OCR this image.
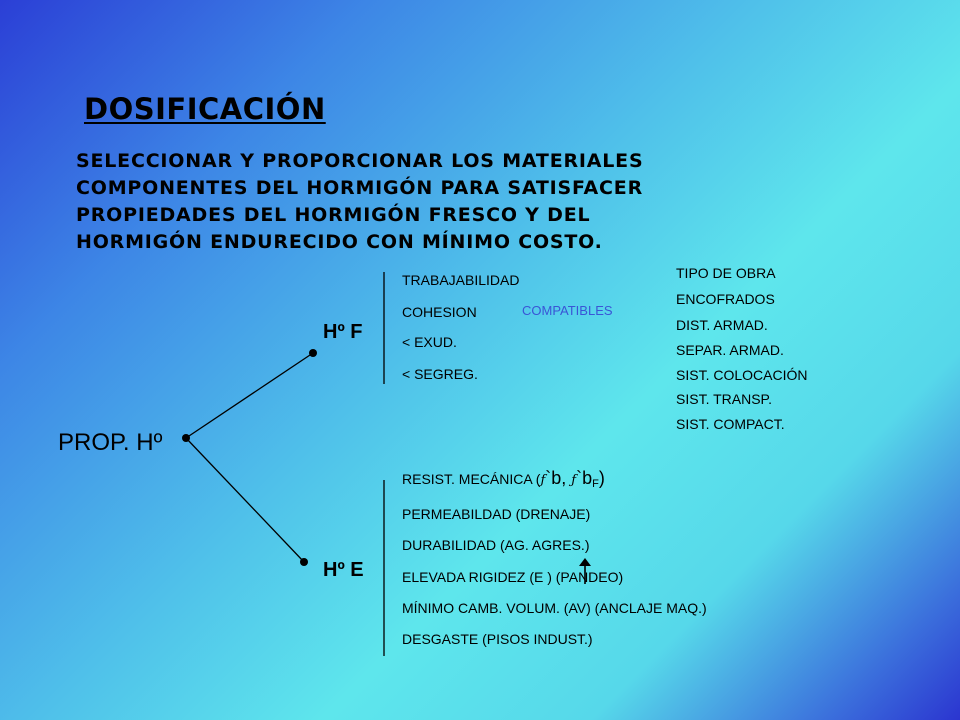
DOSIFICACIÓN
SELECCIONAR Y PROPORCIONAR LOS MATERIALES
COMPONENTES DEL HORMIGÓN PARA SATISFACER
PROPIEDADES DEL HORMIGÓN FRESCO Y DEL
HORMIGÓN ENDURECIDO CON MÍNIMO COSTO.
PROP. Hº
Hº F
Hº E
TRABAJABILIDAD
COHESION
< EXUD.
< SEGREG.
COMPATIBLES
TIPO DE OBRA
ENCOFRADOS
DIST. ARMAD.
SEPAR. ARMAD.
SIST. COLOCACIÓN
SIST. TRANSP.
SIST. COMPACT.
RESIST. MECÁNICA (ƒ`b, $ƒ`b_F$)
PERMEABILDAD (DRENAJE)
DURABILIDAD (AG. AGRES.)
ELEVADA RIGIDEZ (E ) (PANDEO)
MÍNIMO CAMB. VOLUM. (AV) (ANCLAJE MAQ.)
DESGASTE (PISOS INDUST.)
